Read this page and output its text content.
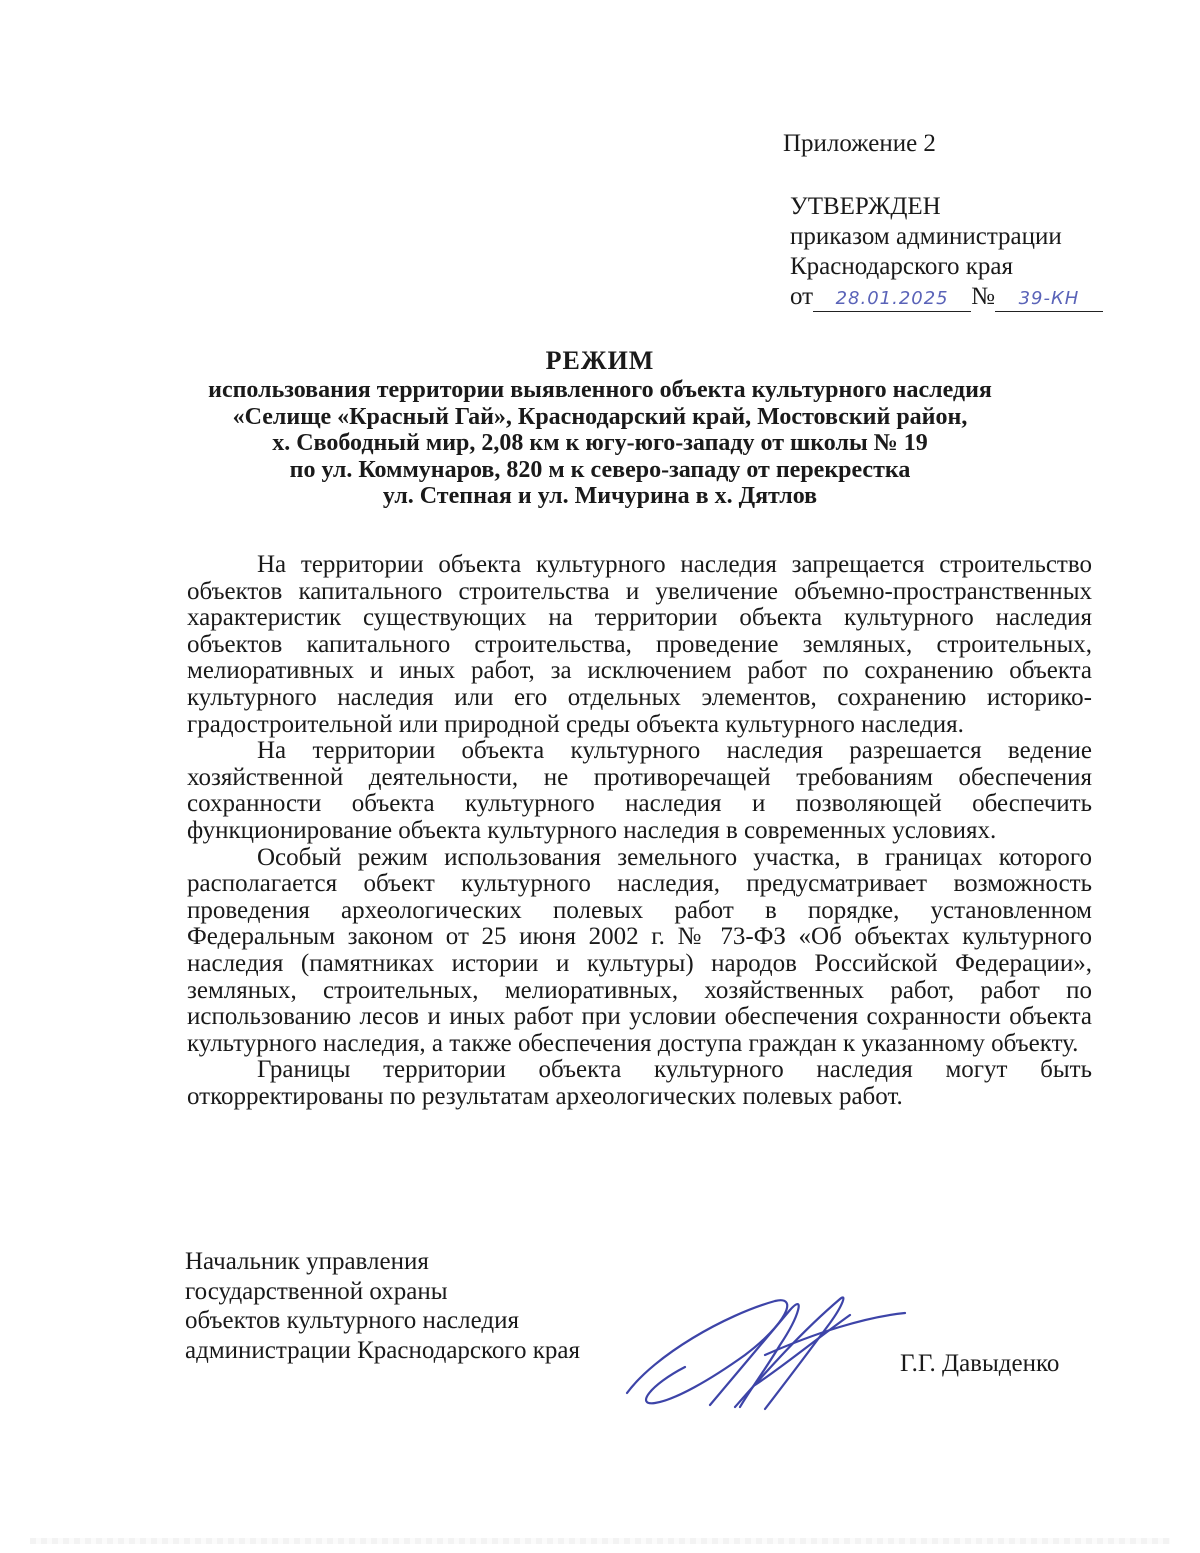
Приложение 2
УТВЕРЖДЕН
приказом администрации
Краснодарского края
от 28.01.2025 № 39-КН
РЕЖИМ
использования территории выявленного объекта культурного наследия
«Селище «Красный Гай», Краснодарский край, Мостовский район,
х. Свободный мир, 2,08 км к югу-юго-западу от школы № 19
по ул. Коммунаров, 820 м к северо-западу от перекрестка
ул. Степная и ул. Мичурина в х. Дятлов

На территории объекта культурного наследия запрещается строительство объектов капитального строительства и увеличение объемно-пространственных характеристик существующих на территории объекта культурного наследия объектов капитального строительства, проведение земляных, строительных, мелиоративных и иных работ, за исключением работ по сохранению объекта культурного наследия или его отдельных элементов, сохранению историко-градостроительной или природной среды объекта культурного наследия.

На территории объекта культурного наследия разрешается ведение хозяйственной деятельности, не противоречащей требованиям обеспечения сохранности объекта культурного наследия и позволяющей обеспечить функционирование объекта культурного наследия в современных условиях.

Особый режим использования земельного участка, в границах которого располагается объект культурного наследия, предусматривает возможность проведения археологических полевых работ в порядке, установленном Федеральным законом от 25 июня 2002 г. № 73-ФЗ «Об объектах культурного наследия (памятниках истории и культуры) народов Российской Федерации», земляных, строительных, мелиоративных, хозяйственных работ, работ по использованию лесов и иных работ при условии обеспечения сохранности объекта культурного наследия, а также обеспечения доступа граждан к указанному объекту.

Границы территории объекта культурного наследия могут быть откорректированы по результатам археологических полевых работ.

Начальник управления
государственной охраны
объектов культурного наследия
администрации Краснодарского края	Г.Г. Давыденко
